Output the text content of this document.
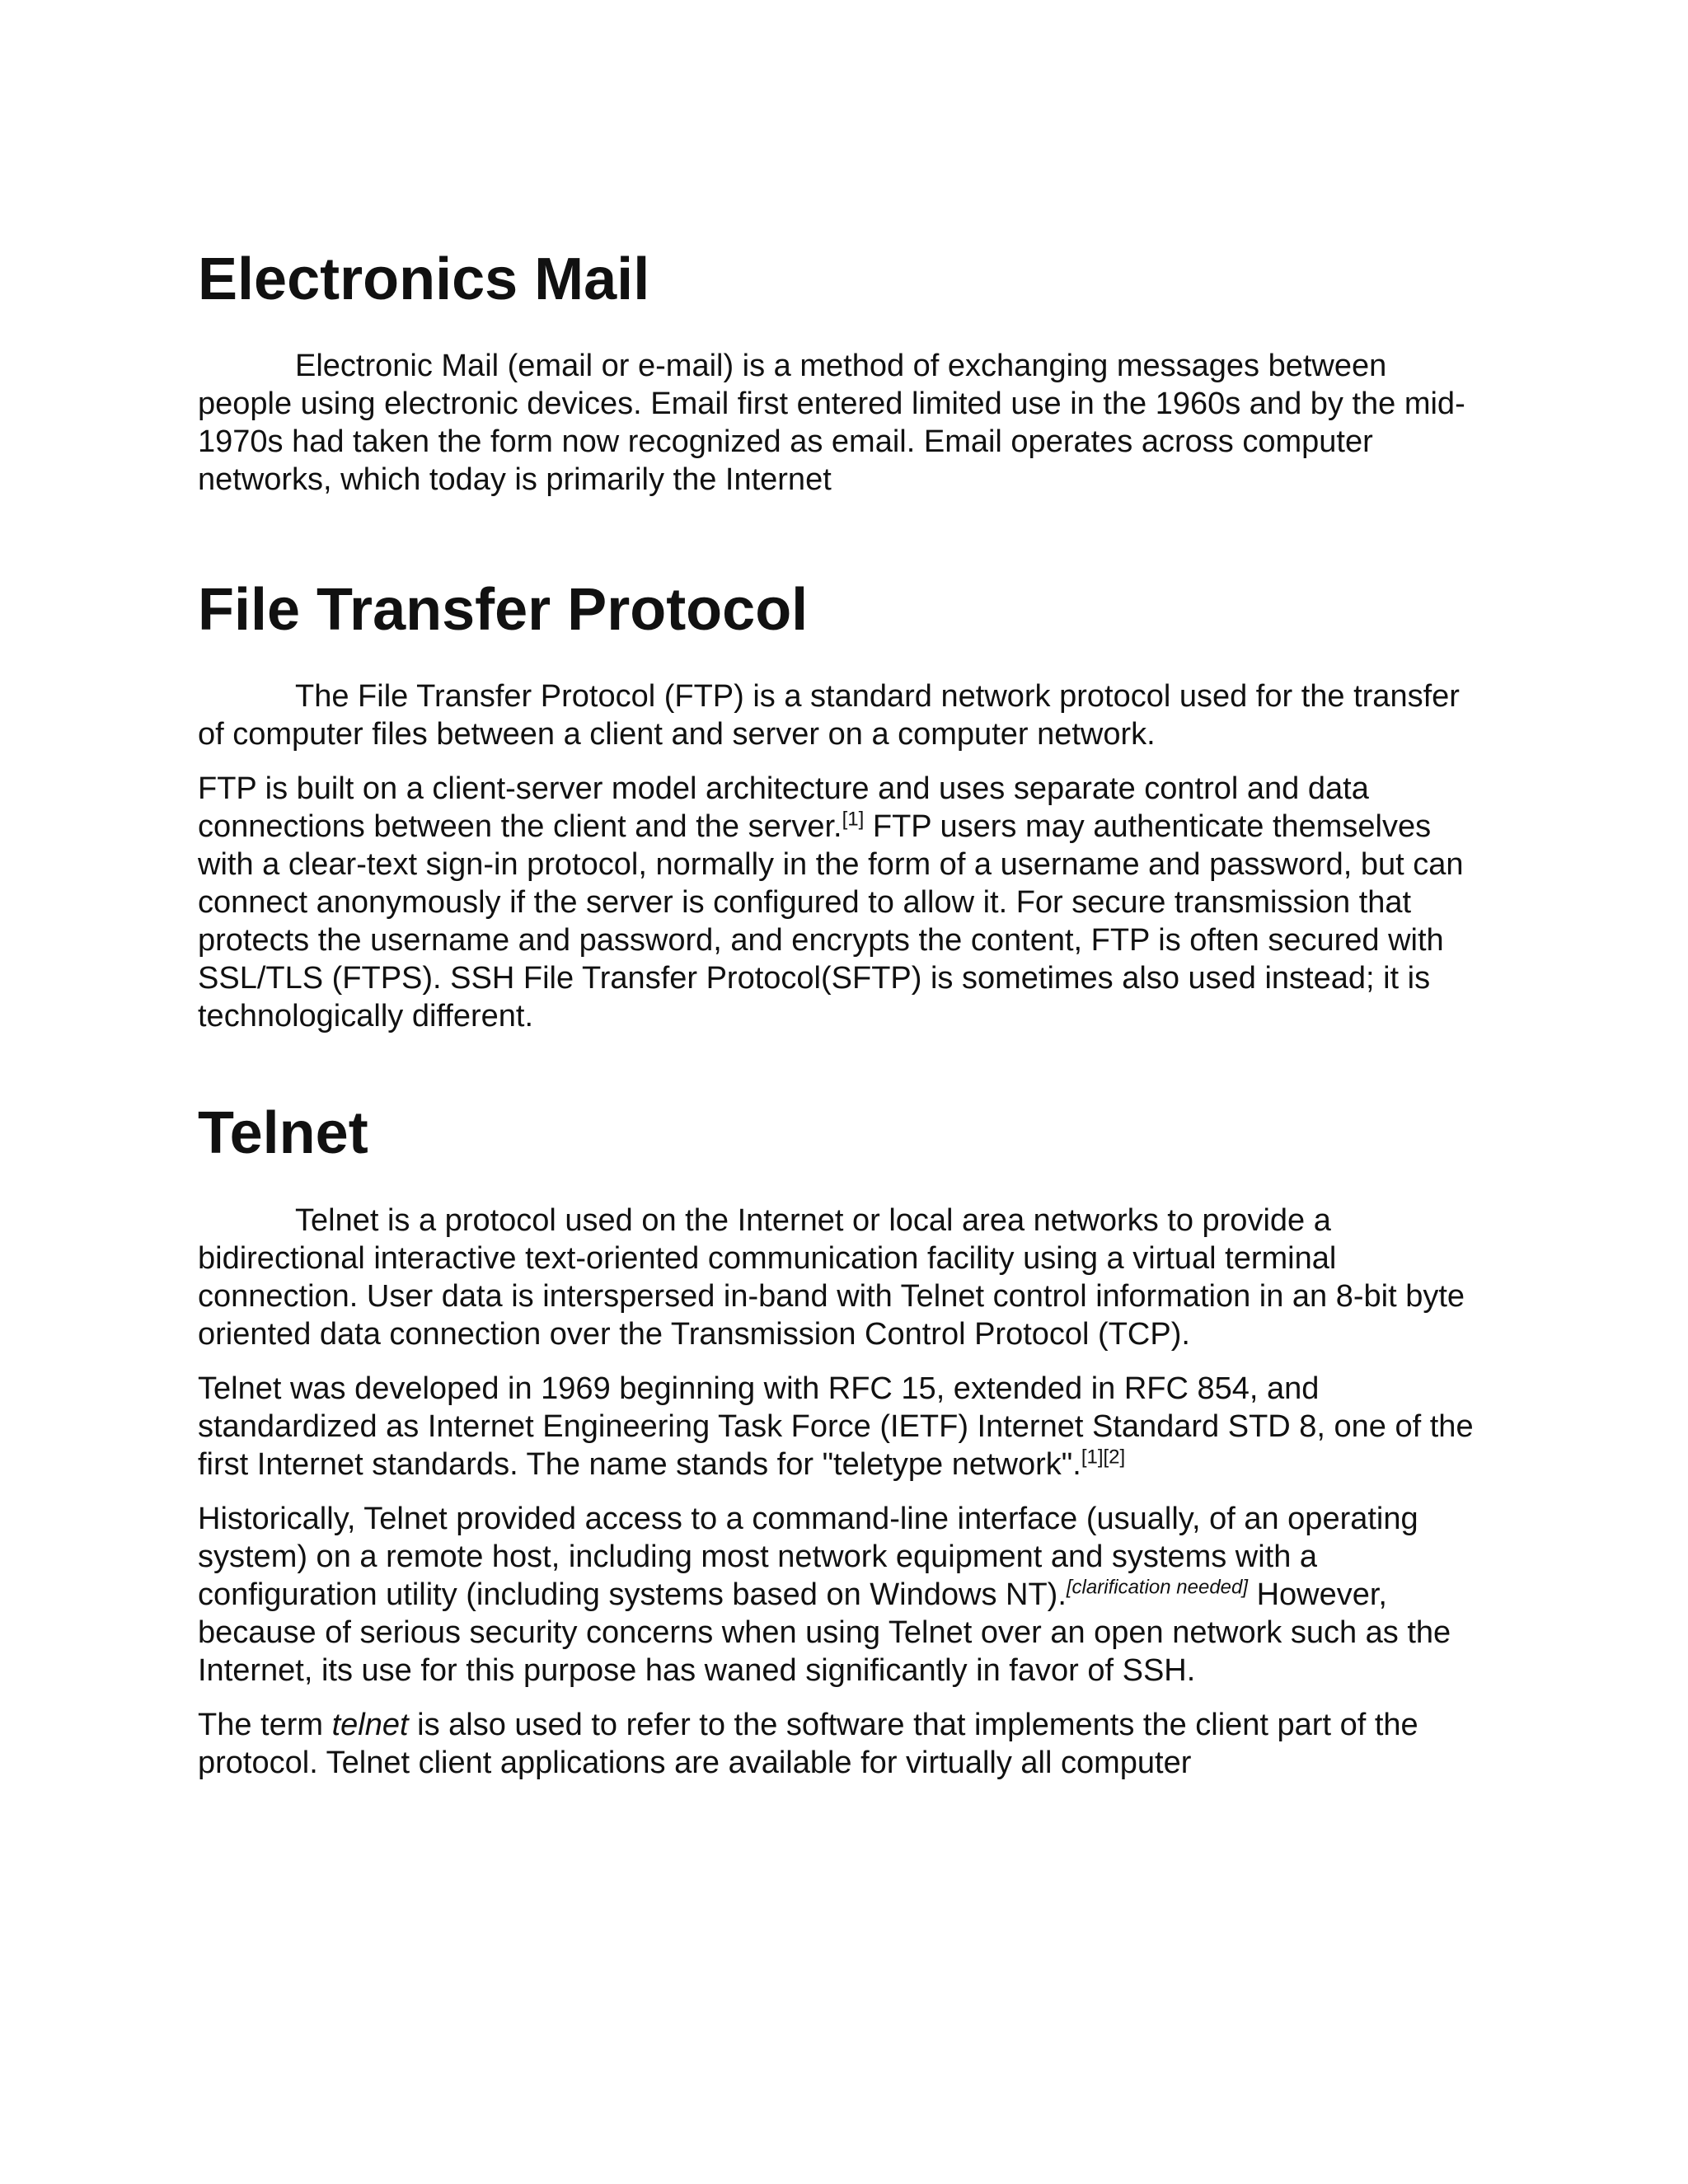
Electronics Mail

Electronic Mail (email or e-mail) is a method of exchanging messages between people using electronic devices. Email first entered limited use in the 1960s and by the mid-1970s had taken the form now recognized as email. Email operates across computer networks, which today is primarily the Internet

File Transfer Protocol

The File Transfer Protocol (FTP) is a standard network protocol used for the transfer of computer files between a client and server on a computer network.

FTP is built on a client-server model architecture and uses separate control and data connections between the client and the server.[1] FTP users may authenticate themselves with a clear-text sign-in protocol, normally in the form of a username and password, but can connect anonymously if the server is configured to allow it. For secure transmission that protects the username and password, and encrypts the content, FTP is often secured with SSL/TLS (FTPS). SSH File Transfer Protocol(SFTP) is sometimes also used instead; it is technologically different.

Telnet

Telnet is a protocol used on the Internet or local area networks to provide a bidirectional interactive text-oriented communication facility using a virtual terminal connection. User data is interspersed in-band with Telnet control information in an 8-bit byte oriented data connection over the Transmission Control Protocol (TCP).

Telnet was developed in 1969 beginning with RFC 15, extended in RFC 854, and standardized as Internet Engineering Task Force (IETF) Internet Standard STD 8, one of the first Internet standards. The name stands for "teletype network".[1][2]

Historically, Telnet provided access to a command-line interface (usually, of an operating system) on a remote host, including most network equipment and systems with a configuration utility (including systems based on Windows NT).[clarification needed] However, because of serious security concerns when using Telnet over an open network such as the Internet, its use for this purpose has waned significantly in favor of SSH.

The term telnet is also used to refer to the software that implements the client part of the protocol. Telnet client applications are available for virtually all computer
